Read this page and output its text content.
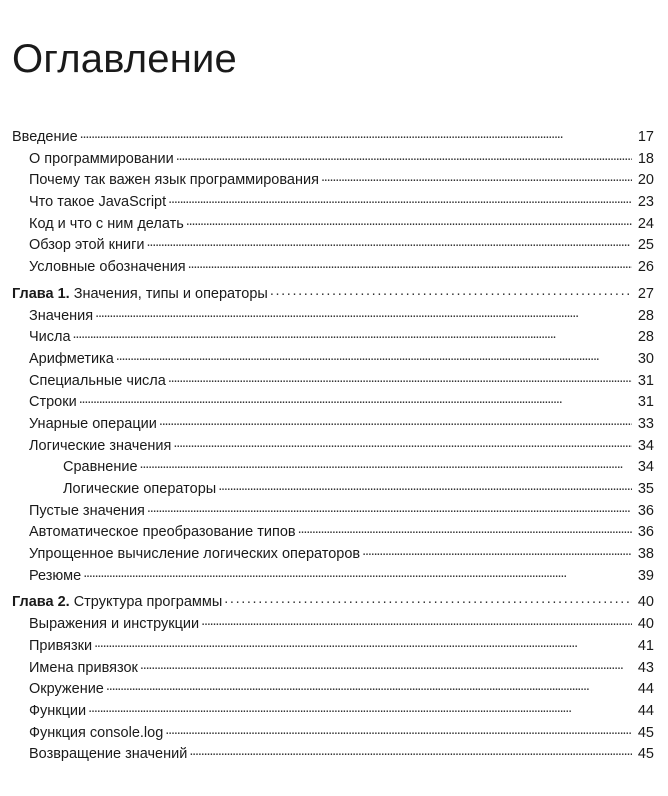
Оглавление
Введение . . .	17
О программировании . . .	18
Почему так важен язык программирования . . .	20
Что такое JavaScript . . .	23
Код и что с ним делать . . .	24
Обзор этой книги . . .	25
Условные обозначения . . .	26
Глава 1. Значения, типы и операторы . . .	27
Значения . . .	28
Числа . . .	28
Арифметика . . .	30
Специальные числа . . .	31
Строки . . .	31
Унарные операции . . .	33
Логические значения . . .	34
Сравнение . . .	34
Логические операторы . . .	35
Пустые значения . . .	36
Автоматическое преобразование типов . . .	36
Упрощенное вычисление логических операторов . . .	38
Резюме . . .	39
Глава 2. Структура программы . . .	40
Выражения и инструкции . . .	40
Привязки . . .	41
Имена привязок . . .	43
Окружение . . .	44
Функции . . .	44
Функция console.log . . .	45
Возвращение значений . . .	45
